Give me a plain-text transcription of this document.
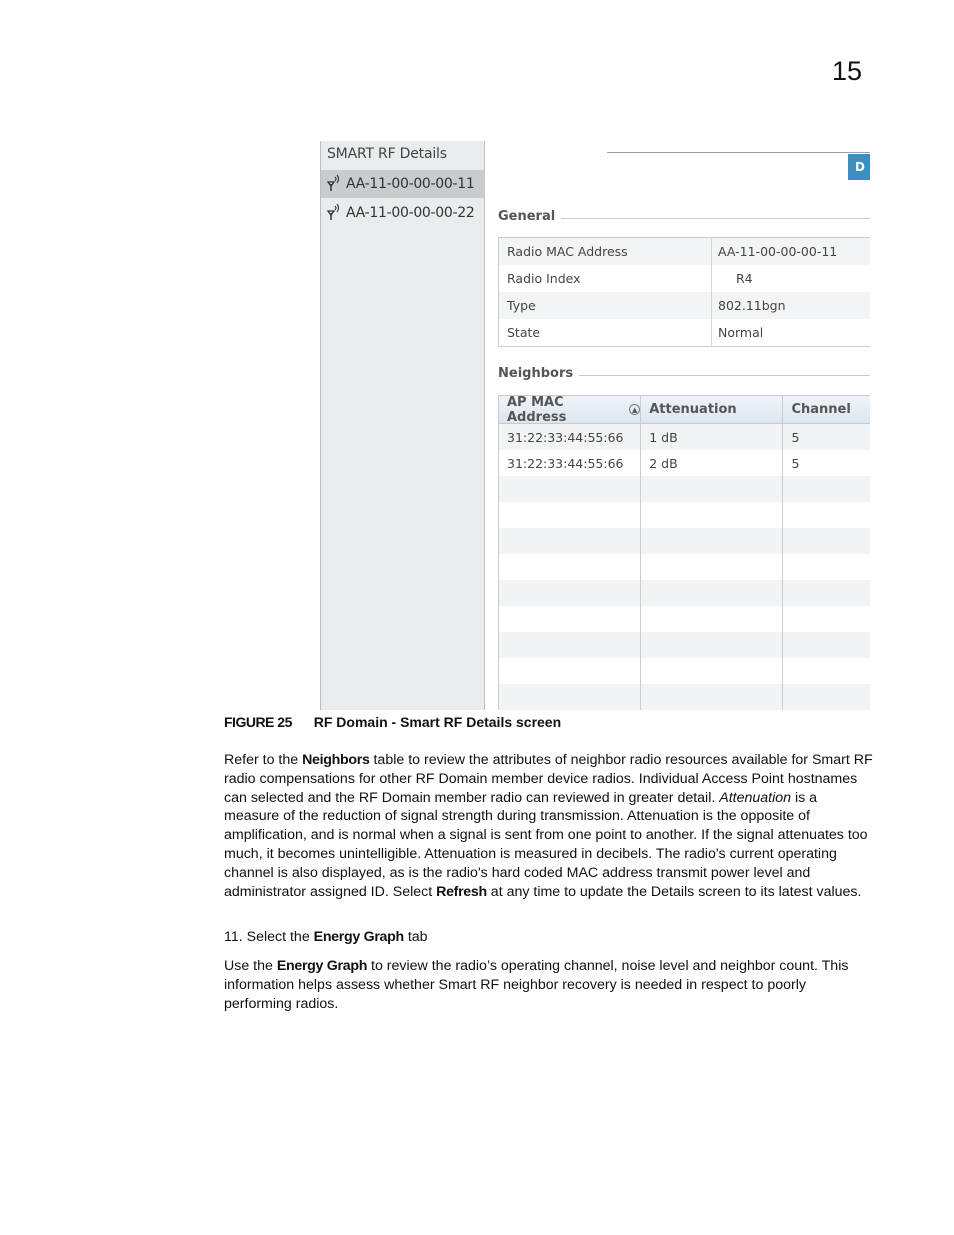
15
SMART RF Details
AA-11-00-00-00-11
AA-11-00-00-00-22
D
General
Radio MAC Address	AA-11-00-00-00-11
Radio Index	R4
Type	802.11bgn
State	Normal
Neighbors
AP MAC Address	▲ Attenuation	Channel
31:22:33:44:55:66	1 dB	5
31:22:33:44:55:66	2 dB	5
FIGURE 25 RF Domain - Smart RF Details screen
Refer to the Neighbors table to review the attributes of neighbor radio resources available for Smart RF radio compensations for other RF Domain member device radios. Individual Access Point hostnames can selected and the RF Domain member radio can reviewed in greater detail. Attenuation is a measure of the reduction of signal strength during transmission. Attenuation is the opposite of amplification, and is normal when a signal is sent from one point to another. If the signal attenuates too much, it becomes unintelligible. Attenuation is measured in decibels. The radio's current operating channel is also displayed, as is the radio's hard coded MAC address transmit power level and administrator assigned ID. Select Refresh at any time to update the Details screen to its latest values.
11. Select the Energy Graph tab
Use the Energy Graph to review the radio’s operating channel, noise level and neighbor count. This information helps assess whether Smart RF neighbor recovery is needed in respect to poorly performing radios.
